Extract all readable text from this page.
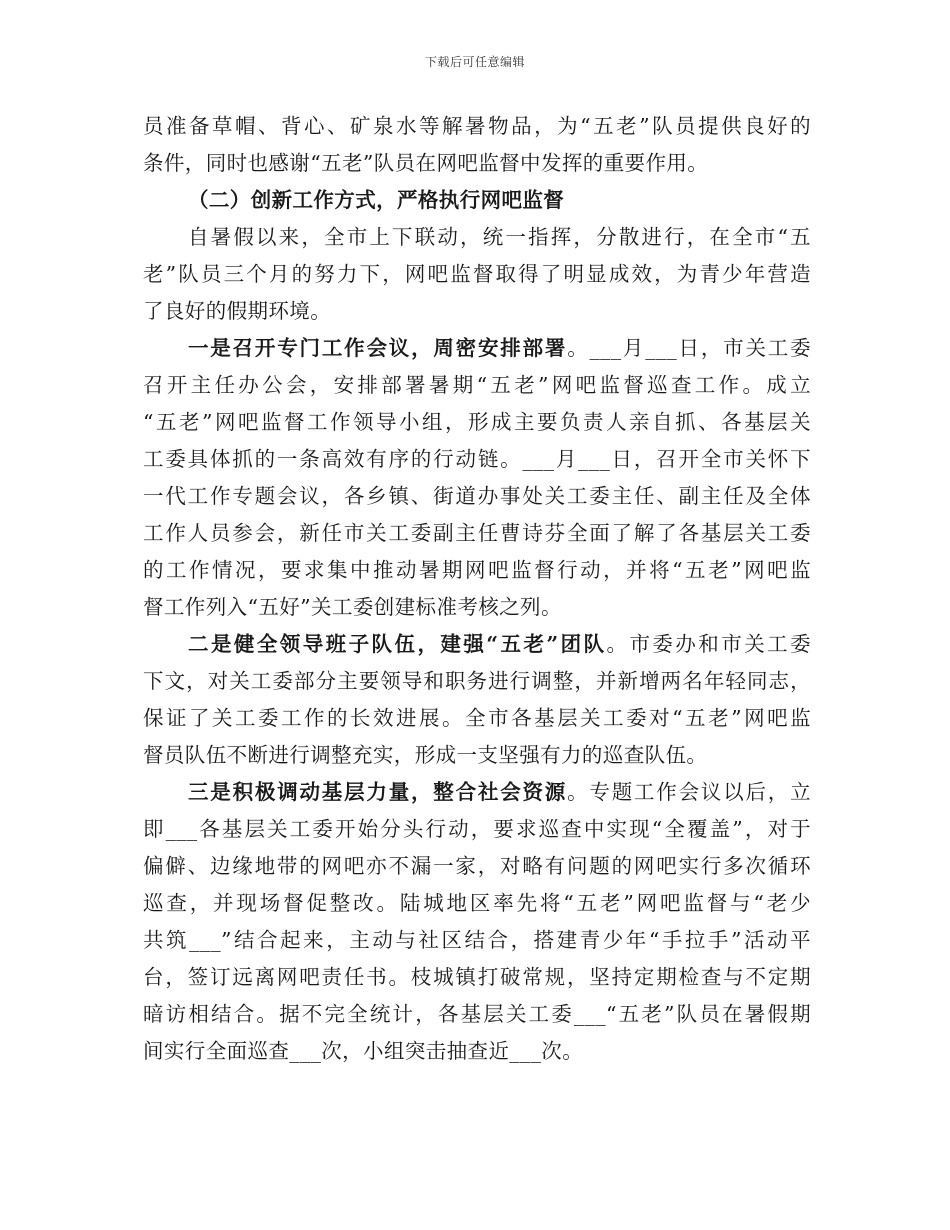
下载后可任意编辑
员准备草帽、背心、矿泉水等解暑物品，为“五老”队员提供良好的
条件，同时也感谢“五老”队员在网吧监督中发挥的重要作用。
（二）创新工作方式，严格执行网吧监督
自暑假以来，全市上下联动，统一指挥，分散进行，在全市“五
老”队员三个月的努力下，网吧监督取得了明显成效，为青少年营造
了良好的假期环境。
一是召开专门工作会议，周密安排部署。___月___日，市关工委
召开主任办公会，安排部署暑期“五老”网吧监督巡查工作。成立
“五老”网吧监督工作领导小组，形成主要负责人亲自抓、各基层关
工委具体抓的一条高效有序的行动链。___月___日，召开全市关怀下
一代工作专题会议，各乡镇、街道办事处关工委主任、副主任及全体
工作人员参会，新任市关工委副主任曹诗芬全面了解了各基层关工委
的工作情况，要求集中推动暑期网吧监督行动，并将“五老”网吧监
督工作列入“五好”关工委创建标准考核之列。
二是健全领导班子队伍，建强“五老”团队。市委办和市关工委
下文，对关工委部分主要领导和职务进行调整，并新增两名年轻同志，
保证了关工委工作的长效进展。全市各基层关工委对“五老”网吧监
督员队伍不断进行调整充实，形成一支坚强有力的巡查队伍。
三是积极调动基层力量，整合社会资源。专题工作会议以后，立
即___各基层关工委开始分头行动，要求巡查中实现“全覆盖”，对于
偏僻、边缘地带的网吧亦不漏一家，对略有问题的网吧实行多次循环
巡查，并现场督促整改。陆城地区率先将“五老”网吧监督与“老少
共筑___”结合起来，主动与社区结合，搭建青少年“手拉手”活动平
台，签订远离网吧责任书。枝城镇打破常规，坚持定期检查与不定期
暗访相结合。据不完全统计，各基层关工委___“五老”队员在暑假期
间实行全面巡查___次，小组突击抽查近___次。
